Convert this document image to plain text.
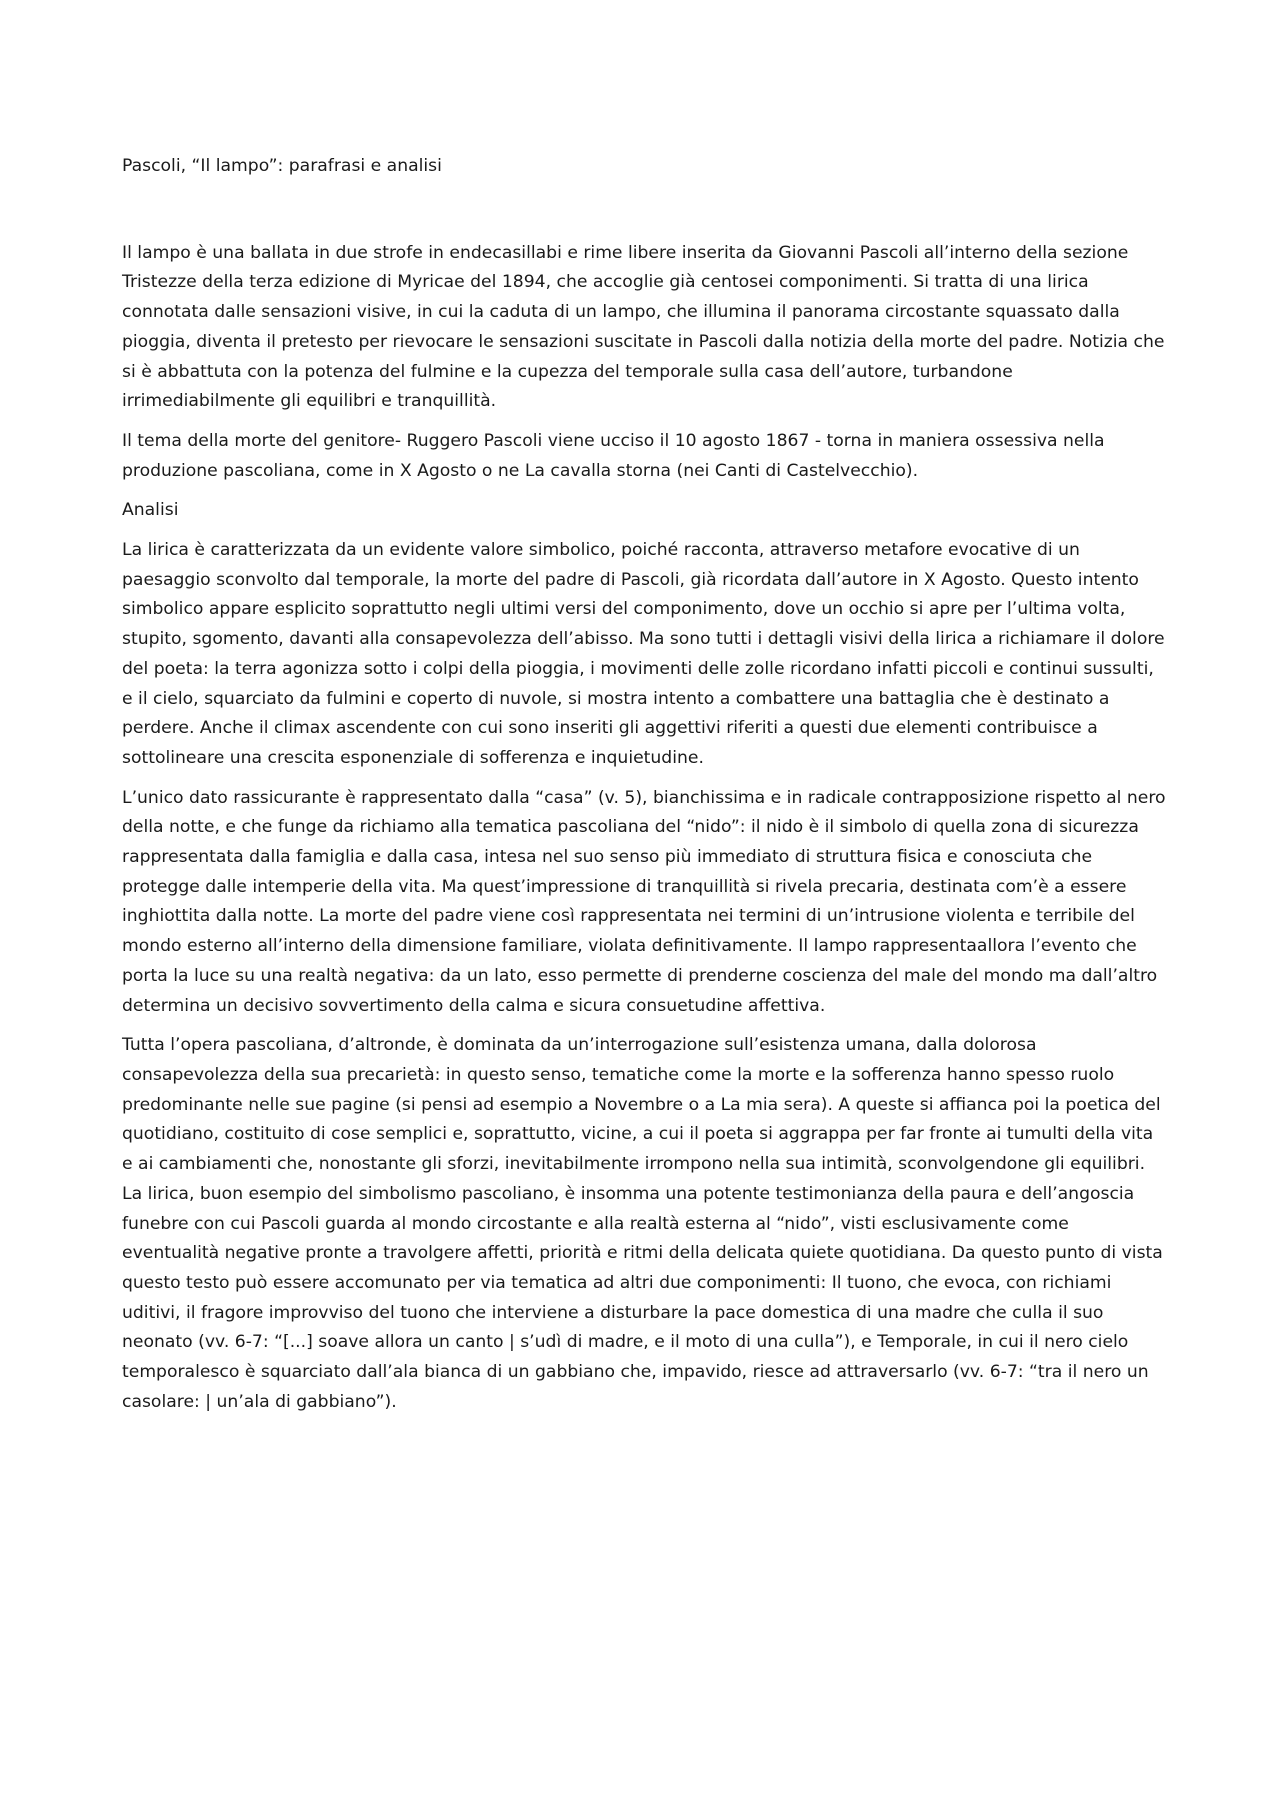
Pascoli, “Il lampo”: parafrasi e analisi

Il lampo è una ballata in due strofe in endecasillabi e rime libere inserita da Giovanni Pascoli all’interno della sezione Tristezze della terza edizione di Myricae del 1894, che accoglie già centosei componimenti. Si tratta di una lirica connotata dalle sensazioni visive, in cui la caduta di un lampo, che illumina il panorama circostante squassato dalla pioggia, diventa il pretesto per rievocare le sensazioni suscitate in Pascoli dalla notizia della morte del padre. Notizia che si è abbattuta con la potenza del fulmine e la cupezza del temporale sulla casa dell’autore, turbandone irrimediabilmente gli equilibri e tranquillità.

Il tema della morte del genitore- Ruggero Pascoli viene ucciso il 10 agosto 1867 - torna in maniera ossessiva nella produzione pascoliana, come in X Agosto o ne La cavalla storna (nei Canti di Castelvecchio).

Analisi

La lirica è caratterizzata da un evidente valore simbolico, poiché racconta, attraverso metafore evocative di un paesaggio sconvolto dal temporale, la morte del padre di Pascoli, già ricordata dall’autore in X Agosto. Questo intento simbolico appare esplicito soprattutto negli ultimi versi del componimento, dove un occhio si apre per l’ultima volta, stupito, sgomento, davanti alla consapevolezza dell’abisso. Ma sono tutti i dettagli visivi della lirica a richiamare il dolore del poeta: la terra agonizza sotto i colpi della pioggia, i movimenti delle zolle ricordano infatti piccoli e continui sussulti, e il cielo, squarciato da fulmini e coperto di nuvole, si mostra intento a combattere una battaglia che è destinato a perdere. Anche il climax ascendente con cui sono inseriti gli aggettivi riferiti a questi due elementi contribuisce a sottolineare una crescita esponenziale di sofferenza e inquietudine.

L’unico dato rassicurante è rappresentato dalla “casa” (v. 5), bianchissima e in radicale contrapposizione rispetto al nero della notte, e che funge da richiamo alla tematica pascoliana del “nido”: il nido è il simbolo di quella zona di sicurezza rappresentata dalla famiglia e dalla casa, intesa nel suo senso più immediato di struttura fisica e conosciuta che protegge dalle intemperie della vita. Ma quest’impressione di tranquillità si rivela precaria, destinata com’è a essere inghiottita dalla notte. La morte del padre viene così rappresentata nei termini di un’intrusione violenta e terribile del mondo esterno all’interno della dimensione familiare, violata definitivamente. Il lampo rappresentaallora l’evento che porta la luce su una realtà negativa: da un lato, esso permette di prenderne coscienza del male del mondo ma dall’altro determina un decisivo sovvertimento della calma e sicura consuetudine affettiva.

Tutta l’opera pascoliana, d’altronde, è dominata da un’interrogazione sull’esistenza umana, dalla dolorosa consapevolezza della sua precarietà: in questo senso, tematiche come la morte e la sofferenza hanno spesso ruolo predominante nelle sue pagine (si pensi ad esempio a Novembre o a La mia sera). A queste si affianca poi la poetica del quotidiano, costituito di cose semplici e, soprattutto, vicine, a cui il poeta si aggrappa per far fronte ai tumulti della vita e ai cambiamenti che, nonostante gli sforzi, inevitabilmente irrompono nella sua intimità, sconvolgendone gli equilibri. La lirica, buon esempio del simbolismo pascoliano, è insomma una potente testimonianza della paura e dell’angoscia funebre con cui Pascoli guarda al mondo circostante e alla realtà esterna al “nido”, visti esclusivamente come eventualità negative pronte a travolgere affetti, priorità e ritmi della delicata quiete quotidiana. Da questo punto di vista questo testo può essere accomunato per via tematica ad altri due componimenti: Il tuono, che evoca, con richiami uditivi, il fragore improvviso del tuono che interviene a disturbare la pace domestica di una madre che culla il suo neonato (vv. 6-7: “[...] soave allora un canto | s’udì di madre, e il moto di una culla”), e Temporale, in cui il nero cielo temporalesco è squarciato dall’ala bianca di un gabbiano che, impavido, riesce ad attraversarlo (vv. 6-7: “tra il nero un casolare: | un’ala di gabbiano”).
